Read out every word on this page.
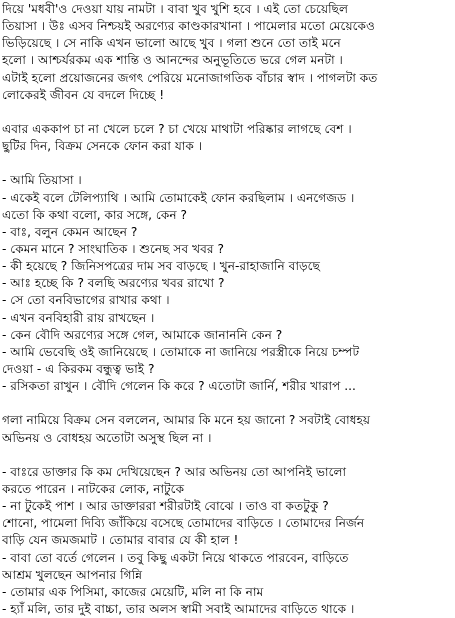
দিয়ে 'মধবী'ও দেওয়া যায় নামটা । বাবা খুব খুশি হবে । এই তো চেয়েছিল
তিয়াসা । উঃ এসব নিশ্চয়ই অরণ্যের কাণ্ডকারখানা । পামেলার মতো মেয়েকেও
ভিড়িয়েছে । সে নাকি এখন ভালো আছে খুব । গলা শুনে তো তাই মনে
হলো । আশ্চর্যরকম এক শান্তি ও আনন্দের অনুভূতিতে ভরে গেল মনটা ।
এটাই হলো প্রয়োজনের জগৎ পেরিয়ে মনোজাগতিক বাঁচার স্বাদ । পাগলটা কত
লোকেরই জীবন যে বদলে দিচ্ছে !
এবার এককাপ চা না খেলে চলে ? চা খেয়ে মাথাটা পরিষ্কার লাগছে বেশ ।
ছুটির দিন, বিক্রম সেনকে ফোন করা যাক ।
- আমি তিয়াসা ।
- একেই বলে টেলিপ্যাথি । আমি তোমাকেই ফোন করছিলাম । এনগেজড ।
এতো কি কথা বলো, কার সঙ্গে, কেন ?
- বাঃ, বলুন কেমন আছেন ?
- কেমন মানে ? সাংঘাতিক । শুনেছ সব খবর ?
- কী হয়েছে ? জিনিসপত্রের দাম সব বাড়ছে । খুন-রাহাজানি বাড়ছে
- আঃ হচ্ছে কি ? বলছি অরণ্যের খবর রাখো ?
- সে তো বনবিভাগের রাখার কথা ।
- এখন বনবিহারী রায় রাখছেন ।
- কেন বৌদি অরণ্যের সঙ্গে গেল, আমাকে জানাননি কেন ?
- আমি ভেবেছি ওই জানিয়েছে । তোমাকে না জানিয়ে পরস্ত্রীকে নিয়ে চম্পট
দেওয়া - এ কিরকম বন্ধুত্ব ভাই ?
- রসিকতা রাখুন । বৌদি গেলেন কি করে ? এতোটা জার্নি, শরীর খারাপ ...
গলা নামিয়ে বিক্রম সেন বললেন, আমার কি মনে হয় জানো ? সবটাই বোধহয়
অভিনয় ও বোধহয় অতোটা অসুস্থ ছিল না ।
- বাঃরে ডাক্তার কি কম দেখিয়েছেন ? আর অভিনয় তো আপনিই ভালো
করতে পারেন । নাটকের লোক, নাটুকে
- না টুকেই পাশ । আর ডাক্তাররা শরীরটাই বোঝে । তাও বা কতটুকু ?
শোনো, পামেলা দিব্যি জাঁকিয়ে বসেছে তোমাদের বাড়িতে । তোমাদের নির্জন
বাড়ি যেন জমজমাট । তোমার বাবার যে কী হাল !
- বাবা তো বর্তে গেলেন । তবু কিছু একটা নিয়ে থাকতে পারবেন, বাড়িতে
আশ্রম খুলছেন আপনার গিন্নি
- তোমার এক পিসিমা, কাজের মেয়েটি, মলি না কি নাম
- হ্যাঁ মলি, তার দুই বাচ্চা, তার অলস স্বামী সবাই আমাদের বাড়িতে থাকে ।
